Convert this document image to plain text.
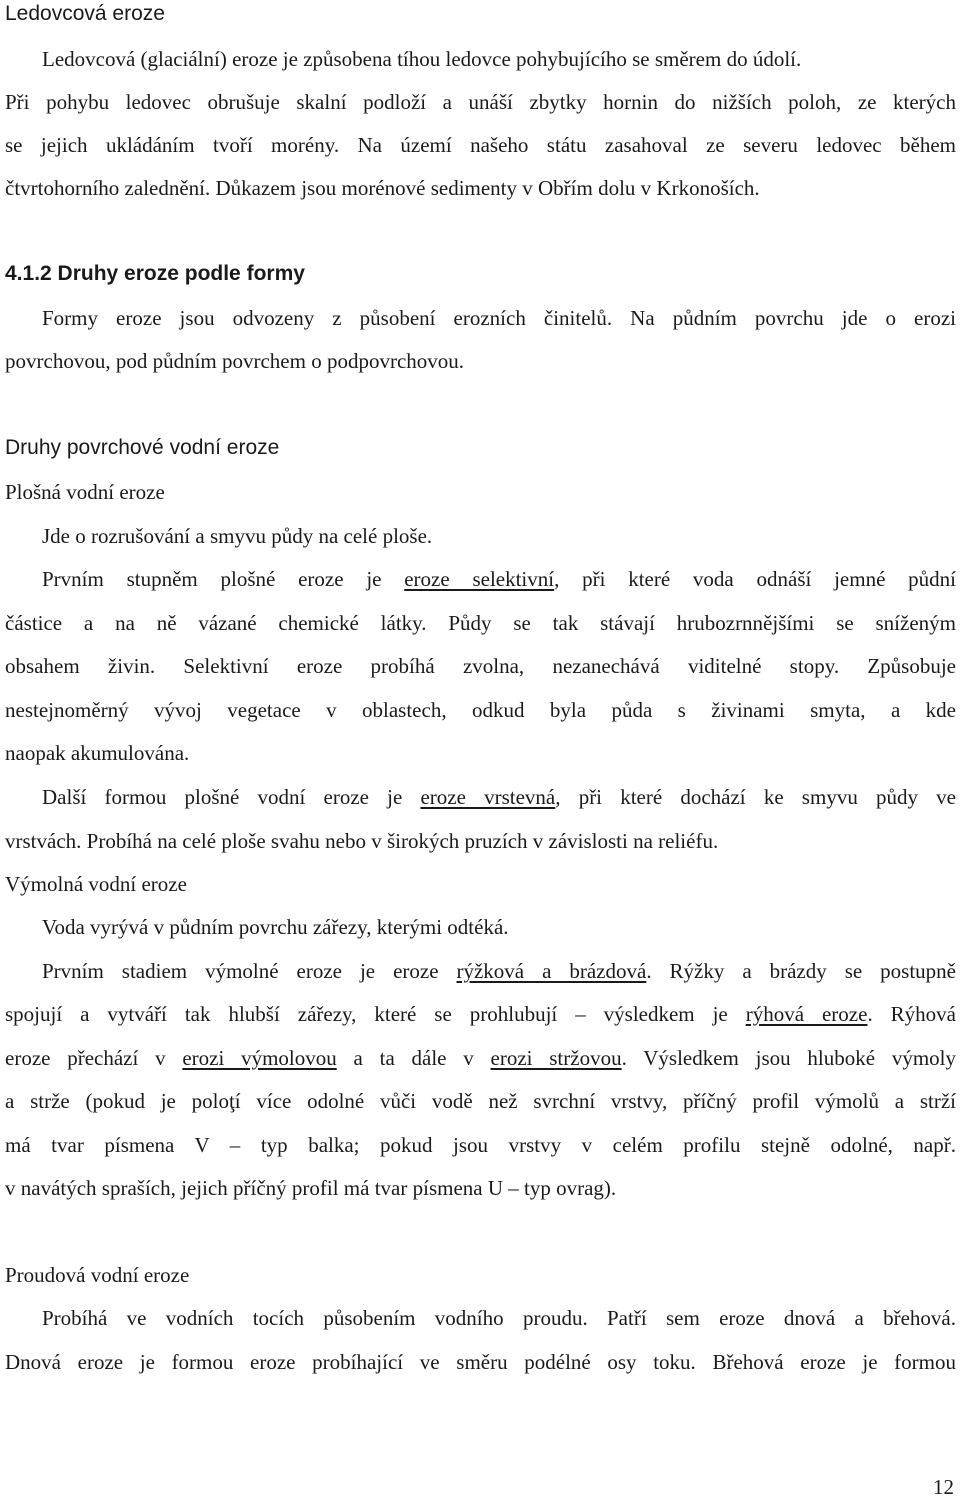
Ledovcová eroze
Ledovcová (glaciální) eroze je způsobena tíhou ledovce pohybujícího se směrem do údolí.
Při pohybu ledovec obrušuje skalní podloží a unáší zbytky hornin do nižších poloh, ze kterých
se jejich ukládáním tvoří morény. Na území našeho státu zasahoval ze severu ledovec během
čtvrtohorního zalednění. Důkazem jsou morénové sedimenty v Obřím dolu v Krkonoších.
4.1.2 Druhy eroze podle formy
Formy eroze jsou odvozeny z působení erozních činitelů. Na půdním povrchu jde o erozi
povrchovou, pod půdním povrchem o podpovrchovou.
Druhy povrchové vodní eroze
Plošná vodní eroze
Jde o rozrušování a smyvu půdy na celé ploše.
Prvním stupněm plošné eroze je eroze selektivní, při které voda odnáší jemné půdní
částice a na ně vázané chemické látky. Půdy se tak stávají hrubozrnnějšími se sníženým
obsahem živin. Selektivní eroze probíhá zvolna, nezanechává viditelné stopy. Způsobuje
nestejnoměrný vývoj vegetace v oblastech, odkud byla půda s živinami smyta, a kde
naopak akumulována.
Další formou plošné vodní eroze je eroze vrstevná, při které dochází ke smyvu půdy ve
vrstvách. Probíhá na celé ploše svahu nebo v širokých pruzích v závislosti na reliéfu.
Výmolná vodní eroze
Voda vyrývá v půdním povrchu zářezy, kterými odtéká.
Prvním stadiem výmolné eroze je eroze rýžková a brázdová. Rýžky a brázdy se postupně
spojují a vytváří tak hlubší zářezy, které se prohlubují – výsledkem je rýhová eroze. Rýhová
eroze přechází v erozi výmolovou a ta dále v erozi stržovou. Výsledkem jsou hluboké výmoly
a strže (pokud je poloţí více odolné vůči vodě než svrchní vrstvy, příčný profil výmolů a strží
má tvar písmena V – typ balka; pokud jsou vrstvy v celém profilu stejně odolné, např.
v navátých spraších, jejich příčný profil má tvar písmena U – typ ovrag).
Proudová vodní eroze
Probíhá ve vodních tocích působením vodního proudu. Patří sem eroze dnová a břehová.
Dnová eroze je formou eroze probíhající ve směru podélné osy toku. Břehová eroze je formou
12
